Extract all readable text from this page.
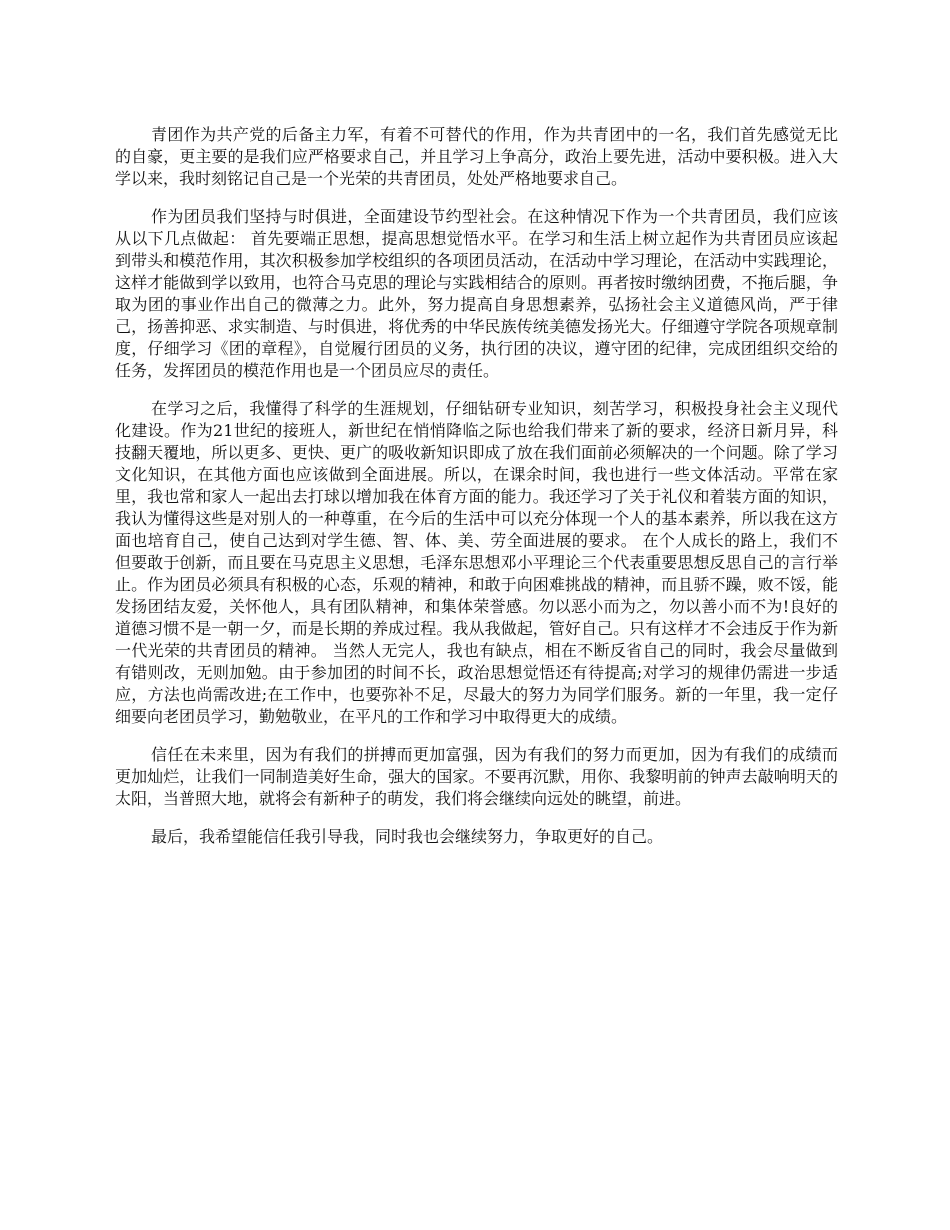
青团作为共产党的后备主力军，有着不可替代的作用，作为共青团中的一名，我们首先感觉无比的自豪，更主要的是我们应严格要求自己，并且学习上争高分，政治上要先进，活动中要积极。进入大学以来，我时刻铭记自己是一个光荣的共青团员，处处严格地要求自己。

作为团员我们坚持与时俱进，全面建设节约型社会。在这种情况下作为一个共青团员，我们应该从以下几点做起： 首先要端正思想，提高思想觉悟水平。在学习和生活上树立起作为共青团员应该起到带头和模范作用，其次积极参加学校组织的各项团员活动，在活动中学习理论，在活动中实践理论，这样才能做到学以致用，也符合马克思的理论与实践相结合的原则。再者按时缴纳团费，不拖后腿，争取为团的事业作出自己的微薄之力。此外，努力提高自身思想素养，弘扬社会主义道德风尚，严于律己，扬善抑恶、求实制造、与时俱进，将优秀的中华民族传统美德发扬光大。仔细遵守学院各项规章制度，仔细学习《团的章程》，自觉履行团员的义务，执行团的决议，遵守团的纪律，完成团组织交给的任务，发挥团员的模范作用也是一个团员应尽的责任。

在学习之后，我懂得了科学的生涯规划，仔细钻研专业知识，刻苦学习，积极投身社会主义现代化建设。作为21世纪的接班人，新世纪在悄悄降临之际也给我们带来了新的要求，经济日新月异，科技翻天覆地，所以更多、更快、更广的吸收新知识即成了放在我们面前必须解决的一个问题。除了学习文化知识，在其他方面也应该做到全面进展。所以，在课余时间，我也进行一些文体活动。平常在家里，我也常和家人一起出去打球以增加我在体育方面的能力。我还学习了关于礼仪和着装方面的知识，我认为懂得这些是对别人的一种尊重，在今后的生活中可以充分体现一个人的基本素养，所以我在这方面也培育自己，使自己达到对学生德、智、体、美、劳全面进展的要求。 在个人成长的路上，我们不但要敢于创新，而且要在马克思主义思想，毛泽东思想邓小平理论三个代表重要思想反思自己的言行举止。作为团员必须具有积极的心态，乐观的精神，和敢于向困难挑战的精神，而且骄不躁，败不馁，能发扬团结友爱，关怀他人，具有团队精神，和集体荣誉感。勿以恶小而为之，勿以善小而不为!良好的道德习惯不是一朝一夕，而是长期的养成过程。我从我做起，管好自己。只有这样才不会违反于作为新一代光荣的共青团员的精神。 当然人无完人，我也有缺点，相在不断反省自己的同时，我会尽量做到有错则改，无则加勉。由于参加团的时间不长，政治思想觉悟还有待提高;对学习的规律仍需进一步适应，方法也尚需改进;在工作中，也要弥补不足，尽最大的努力为同学们服务。新的一年里，我一定仔细要向老团员学习，勤勉敬业，在平凡的工作和学习中取得更大的成绩。

信任在未来里，因为有我们的拼搏而更加富强，因为有我们的努力而更加，因为有我们的成绩而更加灿烂，让我们一同制造美好生命，强大的国家。不要再沉默，用你、我黎明前的钟声去敲响明天的太阳，当普照大地，就将会有新种子的萌发，我们将会继续向远处的眺望，前进。

最后，我希望能信任我引导我，同时我也会继续努力，争取更好的自己。
